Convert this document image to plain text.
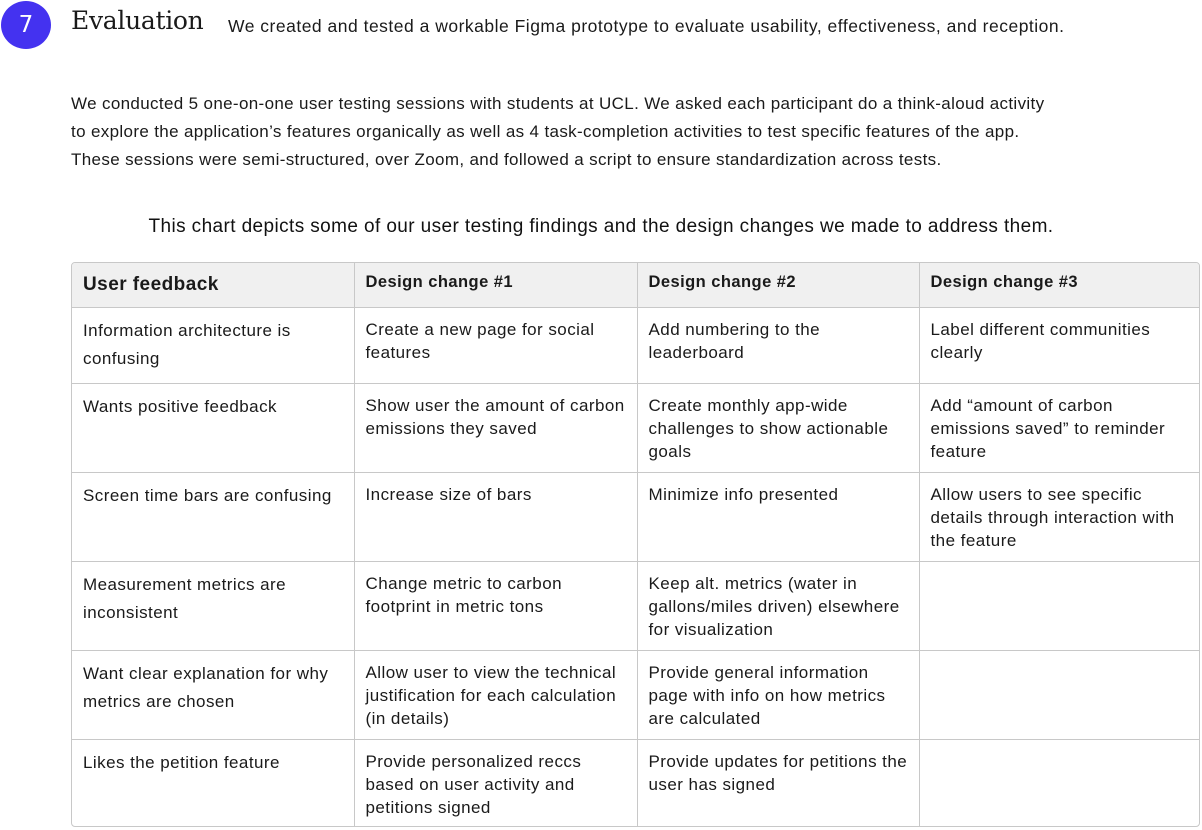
7	Evaluation We created and tested a workable Figma prototype to evaluate usability, effectiveness, and reception.

We conducted 5 one-on-one user testing sessions with students at UCL. We asked each participant do a think-aloud activity

to explore the application’s features organically as well as 4 task-completion activities to test specific features of the app.

These sessions were semi-structured, over Zoom, and followed a script to ensure standardization across tests.

This chart depicts some of our user testing findings and the design changes we made to address them.
User feedback	Design change #1	Design change #2	Design change #3
Information architecture is confusing	Create a new page for social features	Add numbering to the leaderboard	Label different communities clearly
Wants positive feedback	Show user the amount of carbon emissions they saved	Create monthly app-wide challenges to show actionable goals	Add “amount of carbon emissions saved” to reminder feature
Screen time bars are confusing	Increase size of bars	Minimize info presented	Allow users to see specific details through interaction with the feature
Measurement metrics are inconsistent	Change metric to carbon footprint in metric tons	Keep alt. metrics (water in gallons/miles driven) elsewhere for visualization	
Want clear explanation for why metrics are chosen	Allow user to view the technical justification for each calculation (in details)	Provide general information page with info on how metrics are calculated	
Likes the petition feature	Provide personalized reccs based on user activity and petitions signed	Provide updates for petitions the user has signed	
